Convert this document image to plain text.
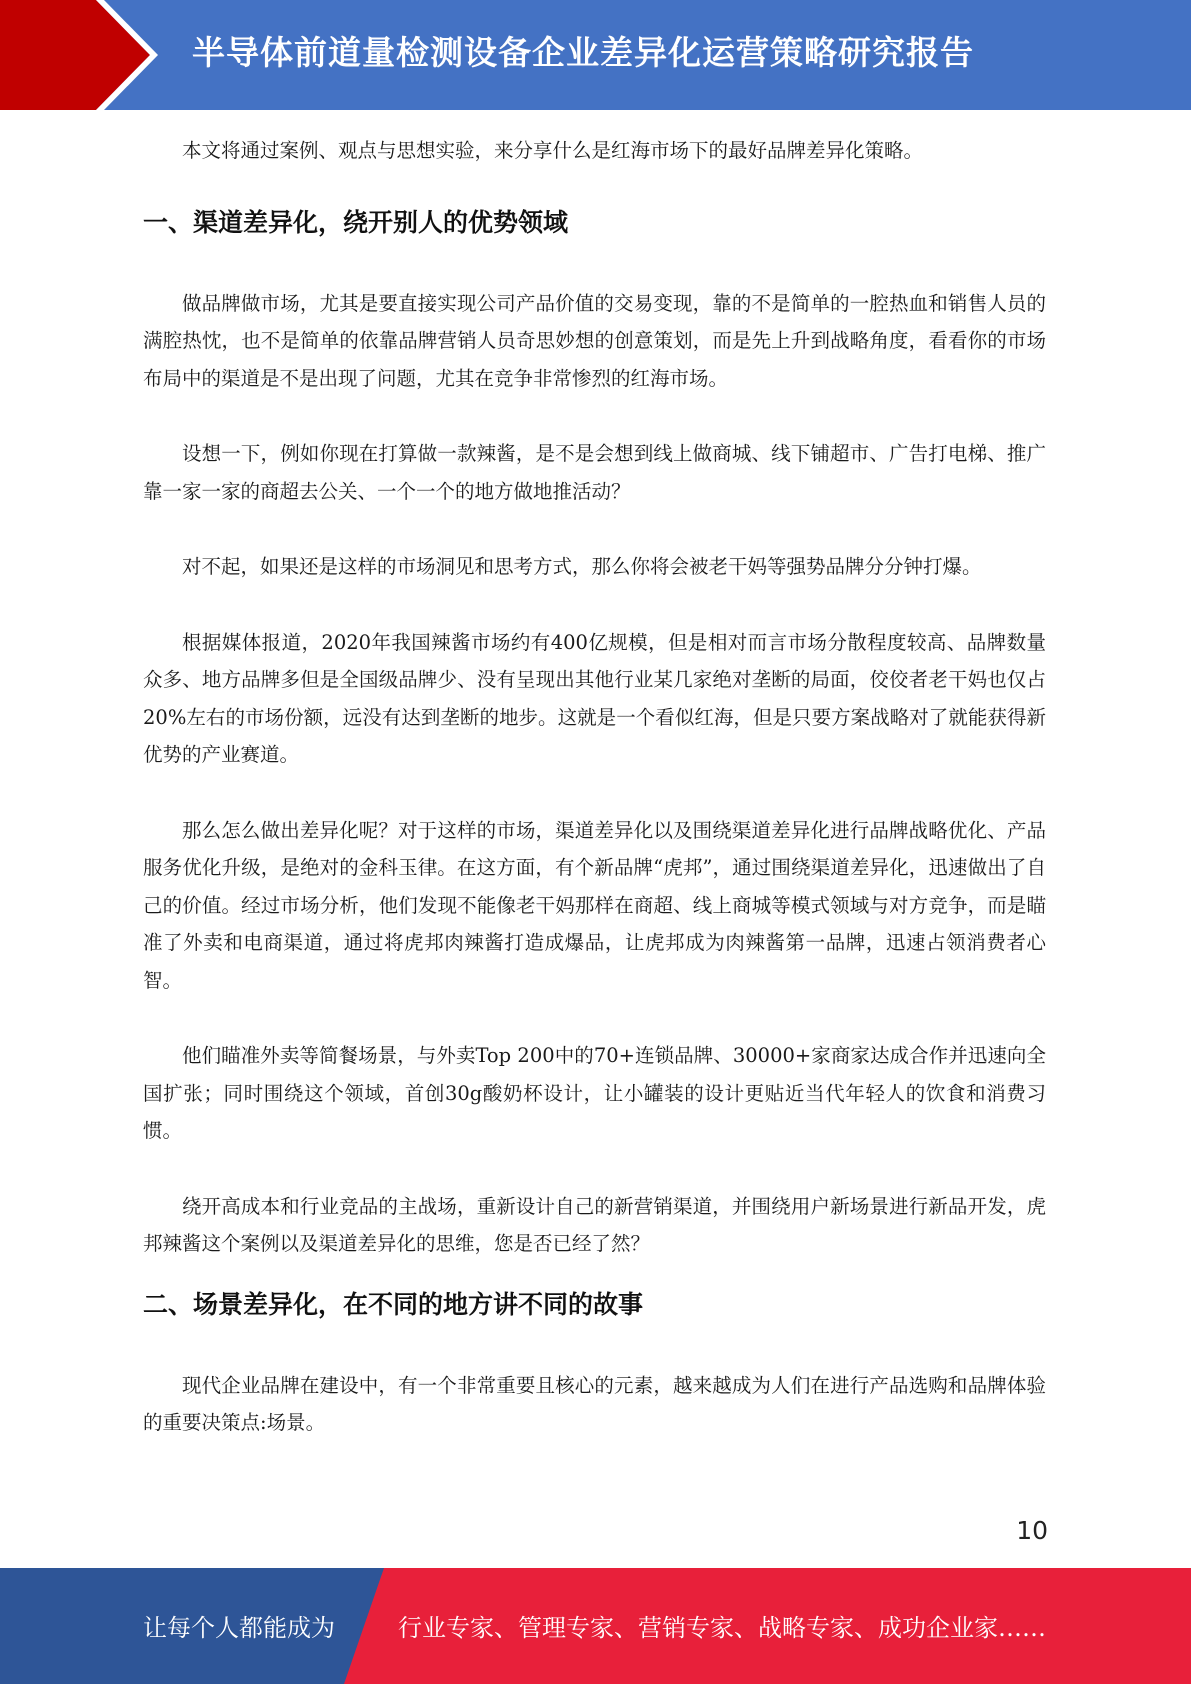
半导体前道量检测设备企业差异化运营策略研究报告

本文将通过案例、观点与思想实验，来分享什么是红海市场下的最好品牌差异化策略。

一、渠道差异化，绕开别人的优势领域

做品牌做市场，尤其是要直接实现公司产品价值的交易变现，靠的不是简单的一腔热血和销售人员的满腔热忱，也不是简单的依靠品牌营销人员奇思妙想的创意策划，而是先上升到战略角度，看看你的市场布局中的渠道是不是出现了问题，尤其在竞争非常惨烈的红海市场。

设想一下，例如你现在打算做一款辣酱，是不是会想到线上做商城、线下铺超市、广告打电梯、推广靠一家一家的商超去公关、一个一个的地方做地推活动？

对不起，如果还是这样的市场洞见和思考方式，那么你将会被老干妈等强势品牌分分钟打爆。

根据媒体报道，2020年我国辣酱市场约有400亿规模，但是相对而言市场分散程度较高、品牌数量众多、地方品牌多但是全国级品牌少、没有呈现出其他行业某几家绝对垄断的局面，佼佼者老干妈也仅占20%左右的市场份额，远没有达到垄断的地步。这就是一个看似红海，但是只要方案战略对了就能获得新优势的产业赛道。

那么怎么做出差异化呢？对于这样的市场，渠道差异化以及围绕渠道差异化进行品牌战略优化、产品服务优化升级，是绝对的金科玉律。在这方面，有个新品牌“虎邦”，通过围绕渠道差异化，迅速做出了自己的价值。经过市场分析，他们发现不能像老干妈那样在商超、线上商城等模式领域与对方竞争，而是瞄准了外卖和电商渠道，通过将虎邦肉辣酱打造成爆品，让虎邦成为肉辣酱第一品牌，迅速占领消费者心智。

他们瞄准外卖等简餐场景，与外卖Top 200中的70+连锁品牌、30000+家商家达成合作并迅速向全国扩张；同时围绕这个领域，首创30g酸奶杯设计，让小罐装的设计更贴近当代年轻人的饮食和消费习惯。

绕开高成本和行业竞品的主战场，重新设计自己的新营销渠道，并围绕用户新场景进行新品开发，虎邦辣酱这个案例以及渠道差异化的思维，您是否已经了然？

二、场景差异化，在不同的地方讲不同的故事

现代企业品牌在建设中，有一个非常重要且核心的元素，越来越成为人们在进行产品选购和品牌体验的重要决策点:场景。

10
让每个人都能成为	行业专家、管理专家、营销专家、战略专家、成功企业家……
